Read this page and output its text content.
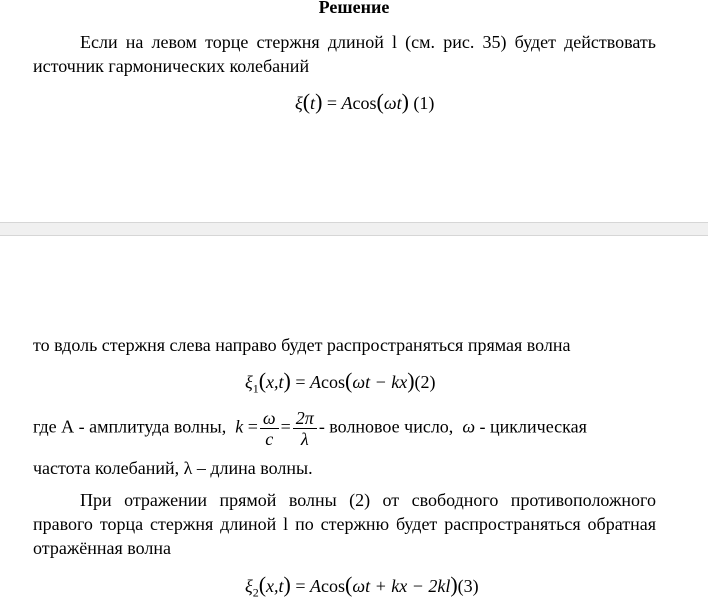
Решение
Если на левом торце стержня длиной l (см. рис. 35) будет действовать источник гармонических колебаний
ξ(t) = Acos(ωt) (1)
то вдоль стержня слева направо будет распространяться прямая волна
$\xi_1(x,t) = Acos(\omega t - kx)(2)$
где А - амплитуда волны, $k = \frac{\omega}{c} = \frac{2\pi}{\lambda}$ - волновое число, ω - циклическая
частота колебаний, λ – длина волны.
При отражении прямой волны (2) от свободного противоположного правого торца стержня длиной l по стержню будет распространяться обратная отражённая волна
$\xi_2(x,t) = Acos(\omega t$ + kx − 2kl)(3)
